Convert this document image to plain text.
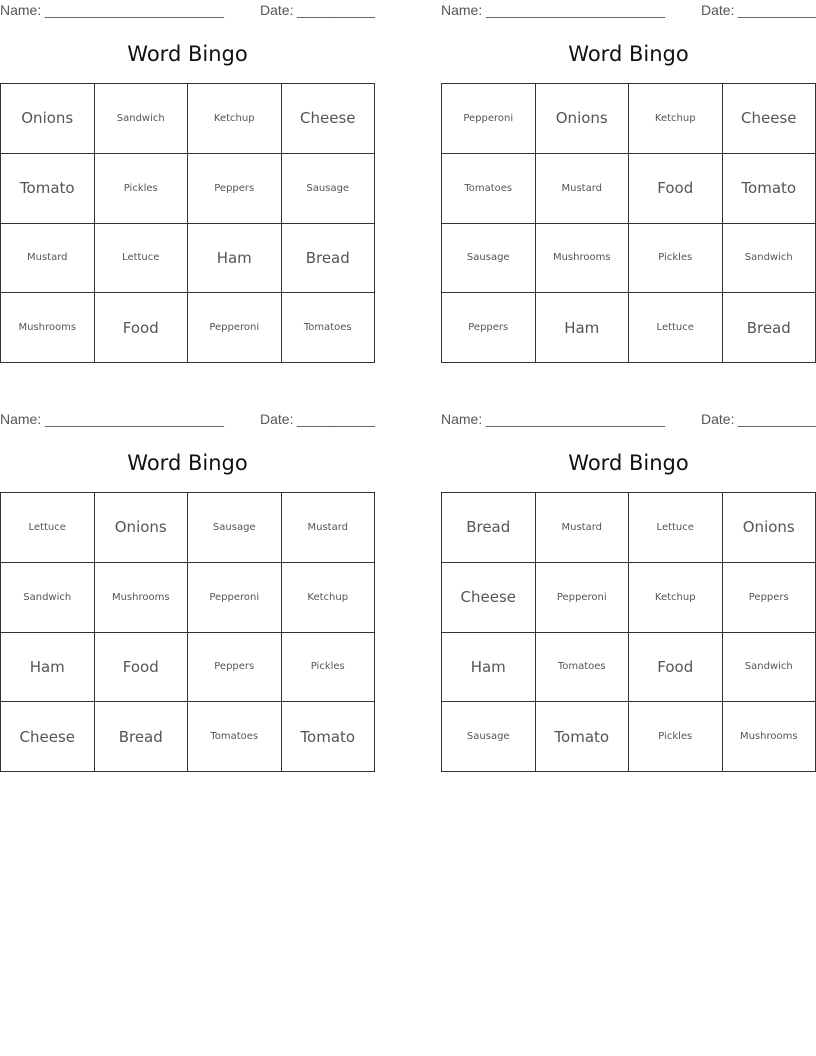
Name: _______________________	Date: __________
Word Bingo
Onions	Sandwich	Ketchup	Cheese
Tomato	Pickles	Peppers	Sausage
Mustard	Lettuce	Ham	Bread
Mushrooms	Food	Pepperoni	Tomatoes
Name: _______________________	Date: __________
Word Bingo
Pepperoni	Onions	Ketchup	Cheese
Tomatoes	Mustard	Food	Tomato
Sausage	Mushrooms	Pickles	Sandwich
Peppers	Ham	Lettuce	Bread
Name: _______________________	Date: __________
Word Bingo
Lettuce	Onions	Sausage	Mustard
Sandwich	Mushrooms	Pepperoni	Ketchup
Ham	Food	Peppers	Pickles
Cheese	Bread	Tomatoes	Tomato
Name: _______________________	Date: __________
Word Bingo
Bread	Mustard	Lettuce	Onions
Cheese	Pepperoni	Ketchup	Peppers
Ham	Tomatoes	Food	Sandwich
Sausage	Tomato	Pickles	Mushrooms
